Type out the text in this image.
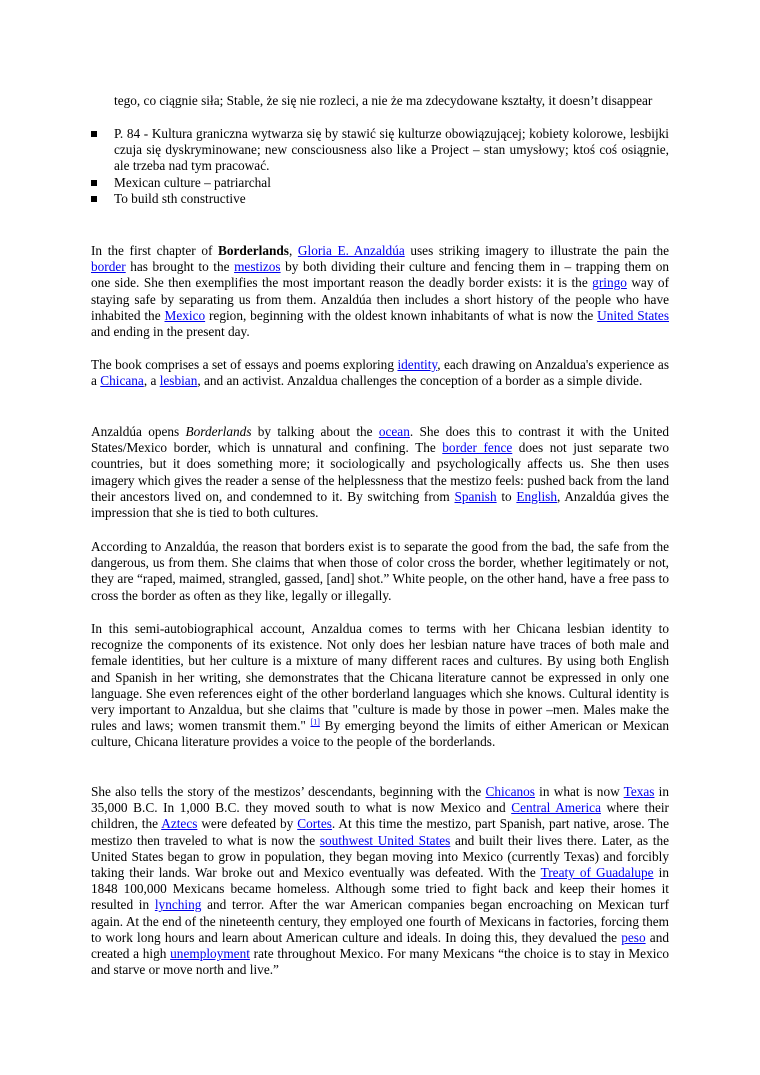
tego, co ciągnie siła; Stable, że się nie rozleci, a nie że ma zdecydowane kształty, it doesn’t disappear
P. 84 - Kultura graniczna wytwarza się by stawić się kulturze obowiązującej; kobiety kolorowe, lesbijki czuja się dyskryminowane; new consciousness also like a Project – stan umysłowy; ktoś coś osiągnie, ale trzeba nad tym pracować.
Mexican culture – patriarchal
To build sth constructive

In the first chapter of Borderlands, Gloria E. Anzaldúa uses striking imagery to illustrate the pain the border has brought to the mestizos by both dividing their culture and fencing them in – trapping them on one side. She then exemplifies the most important reason the deadly border exists: it is the gringo way of staying safe by separating us from them. Anzaldúa then includes a short history of the people who have inhabited the Mexico region, beginning with the oldest known inhabitants of what is now the United States and ending in the present day.

The book comprises a set of essays and poems exploring identity, each drawing on Anzaldua's experience as a Chicana, a lesbian, and an activist. Anzaldua challenges the conception of a border as a simple divide.

Anzaldúa opens Borderlands by talking about the ocean. She does this to contrast it with the United States/Mexico border, which is unnatural and confining. The border fence does not just separate two countries, but it does something more; it sociologically and psychologically affects us. She then uses imagery which gives the reader a sense of the helplessness that the mestizo feels: pushed back from the land their ancestors lived on, and condemned to it. By switching from Spanish to English, Anzaldúa gives the impression that she is tied to both cultures.

According to Anzaldúa, the reason that borders exist is to separate the good from the bad, the safe from the dangerous, us from them. She claims that when those of color cross the border, whether legitimately or not, they are “raped, maimed, strangled, gassed, [and] shot.” White people, on the other hand, have a free pass to cross the border as often as they like, legally or illegally.

In this semi-autobiographical account, Anzaldua comes to terms with her Chicana lesbian identity to recognize the components of its existence. Not only does her lesbian nature have traces of both male and female identities, but her culture is a mixture of many different races and cultures. By using both English and Spanish in her writing, she demonstrates that the Chicana literature cannot be expressed in only one language. She even references eight of the other borderland languages which she knows. Cultural identity is very important to Anzaldua, but she claims that "culture is made by those in power –men. Males make the rules and laws; women transmit them." [1] By emerging beyond the limits of either American or Mexican culture, Chicana literature provides a voice to the people of the borderlands.

She also tells the story of the mestizos’ descendants, beginning with the Chicanos in what is now Texas in 35,000 B.C. In 1,000 B.C. they moved south to what is now Mexico and Central America where their children, the Aztecs were defeated by Cortes. At this time the mestizo, part Spanish, part native, arose. The mestizo then traveled to what is now the southwest United States and built their lives there. Later, as the United States began to grow in population, they began moving into Mexico (currently Texas) and forcibly taking their lands. War broke out and Mexico eventually was defeated. With the Treaty of Guadalupe in 1848 100,000 Mexicans became homeless. Although some tried to fight back and keep their homes it resulted in lynching and terror. After the war American companies began encroaching on Mexican turf again. At the end of the nineteenth century, they employed one fourth of Mexicans in factories, forcing them to work long hours and learn about American culture and ideals. In doing this, they devalued the peso and created a high unemployment rate throughout Mexico. For many Mexicans “the choice is to stay in Mexico and starve or move north and live.”
